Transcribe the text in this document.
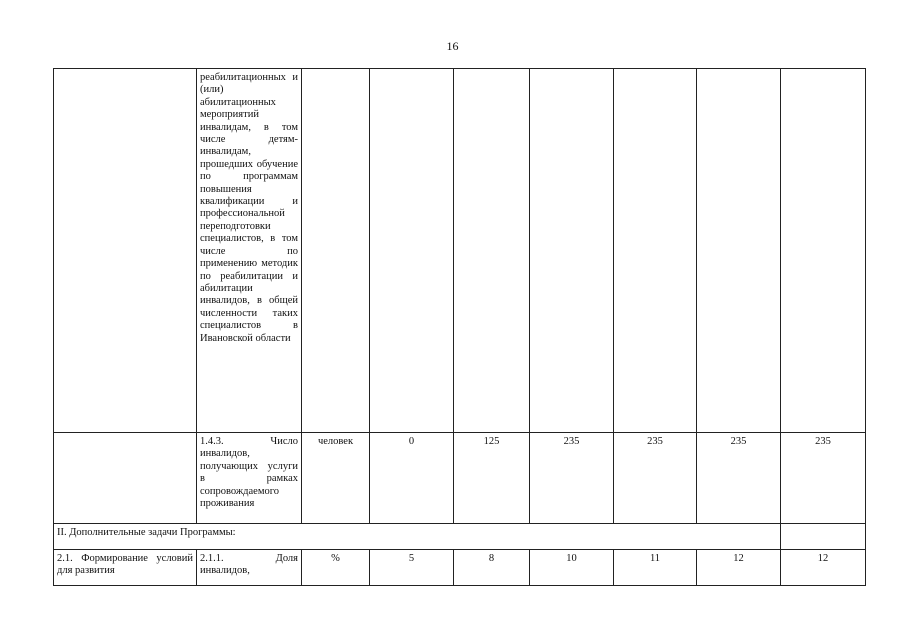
16
	реабилитационных и (или) абилитационных мероприятий инвалидам, в том числе детям-инвалидам, прошедших обучение по программам повышения квалификации и профессиональной переподготовки специалистов, в том числе по применению методик по реабилитации и абилитации инвалидов, в общей численности таких специалистов в Ивановской области							
	1.4.3. Число инвалидов, получающих услуги в рамках сопровождаемого проживания	человек	0	125	235	235	235	235
II. Дополнительные задачи Программы:								
2.1. Формирование условий для развития	2.1.1. Доля инвалидов,	%	5	8	10	11	12	12
